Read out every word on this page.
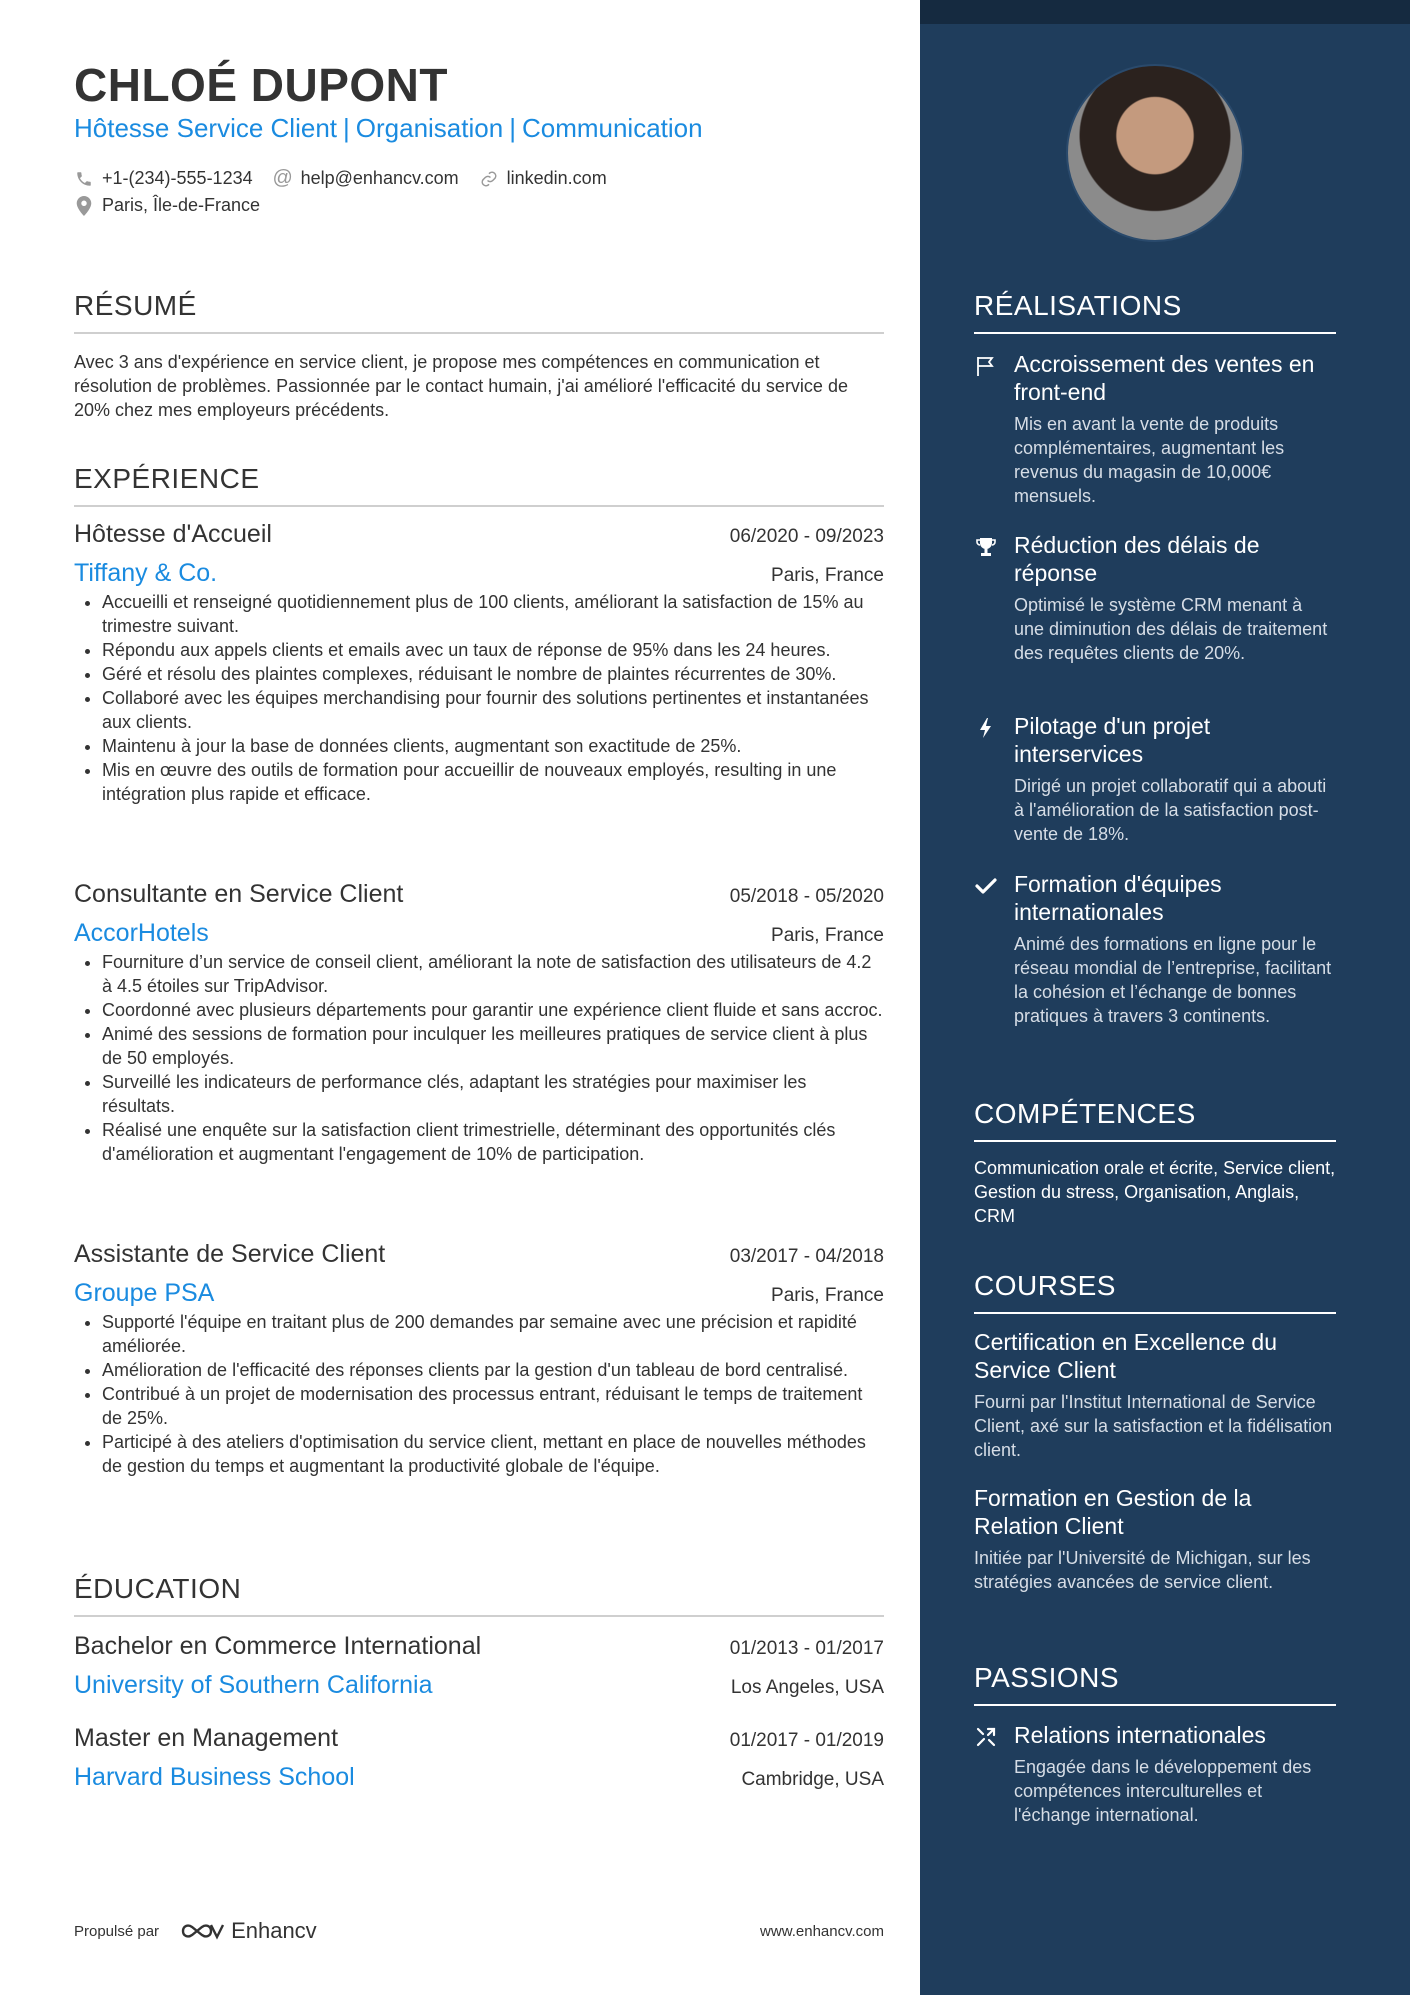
CHLOÉ DUPONT
Hôtesse Service Client | Organisation | Communication
+1-(234)-555-1234 @ help@enhancv.com	linkedin.com
Paris, Île-de-France
RÉSUMÉ
Avec 3 ans d'expérience en service client, je propose mes compétences en communication et résolution de problèmes. Passionnée par le contact humain, j'ai amélioré l'efficacité du service de 20% chez mes employeurs précédents.
EXPÉRIENCE
Hôtesse d'Accueil	06/2020 - 09/2023
Tiffany & Co.	Paris, France
• Accueilli et renseigné quotidiennement plus de 100 clients, améliorant la satisfaction de 15% au trimestre suivant.
• Répondu aux appels clients et emails avec un taux de réponse de 95% dans les 24 heures.
• Géré et résolu des plaintes complexes, réduisant le nombre de plaintes récurrentes de 30%.
• Collaboré avec les équipes merchandising pour fournir des solutions pertinentes et instantanées aux clients.
• Maintenu à jour la base de données clients, augmentant son exactitude de 25%.
• Mis en œuvre des outils de formation pour accueillir de nouveaux employés, resulting in une intégration plus rapide et efficace.
Consultante en Service Client	05/2018 - 05/2020
AccorHotels	Paris, France
• Fourniture d’un service de conseil client, améliorant la note de satisfaction des utilisateurs de 4.2 à 4.5 étoiles sur TripAdvisor.
• Coordonné avec plusieurs départements pour garantir une expérience client fluide et sans accroc.
• Animé des sessions de formation pour inculquer les meilleures pratiques de service client à plus de 50 employés.
• Surveillé les indicateurs de performance clés, adaptant les stratégies pour maximiser les résultats.
• Réalisé une enquête sur la satisfaction client trimestrielle, déterminant des opportunités clés d'amélioration et augmentant l'engagement de 10% de participation.
Assistante de Service Client	03/2017 - 04/2018
Groupe PSA	Paris, France
• Supporté l'équipe en traitant plus de 200 demandes par semaine avec une précision et rapidité améliorée.
• Amélioration de l'efficacité des réponses clients par la gestion d'un tableau de bord centralisé.
• Contribué à un projet de modernisation des processus entrant, réduisant le temps de traitement de 25%.
• Participé à des ateliers d'optimisation du service client, mettant en place de nouvelles méthodes de gestion du temps et augmentant la productivité globale de l'équipe.
ÉDUCATION
Bachelor en Commerce International	01/2013 - 01/2017
University of Southern California	Los Angeles, USA
Master en Management	01/2017 - 01/2019
Harvard Business School	Cambridge, USA
Propulsé par	Enhancv	www.enhancv.com
RÉALISATIONS
Accroissement des ventes en front-end
Mis en avant la vente de produits complémentaires, augmentant les revenus du magasin de 10,000€ mensuels.
Réduction des délais de réponse
Optimisé le système CRM menant à une diminution des délais de traitement des requêtes clients de 20%.
Pilotage d'un projet interservices
Dirigé un projet collaboratif qui a abouti à l'amélioration de la satisfaction post-vente de 18%.
Formation d'équipes internationales
Animé des formations en ligne pour le réseau mondial de l’entreprise, facilitant la cohésion et l’échange de bonnes pratiques à travers 3 continents.
COMPÉTENCES
Communication orale et écrite, Service client, Gestion du stress, Organisation, Anglais, CRM
COURSES
Certification en Excellence du Service Client
Fourni par l'Institut International de Service Client, axé sur la satisfaction et la fidélisation client.
Formation en Gestion de la Relation Client
Initiée par l'Université de Michigan, sur les stratégies avancées de service client.
PASSIONS
Relations internationales
Engagée dans le développement des compétences interculturelles et l'échange international.
